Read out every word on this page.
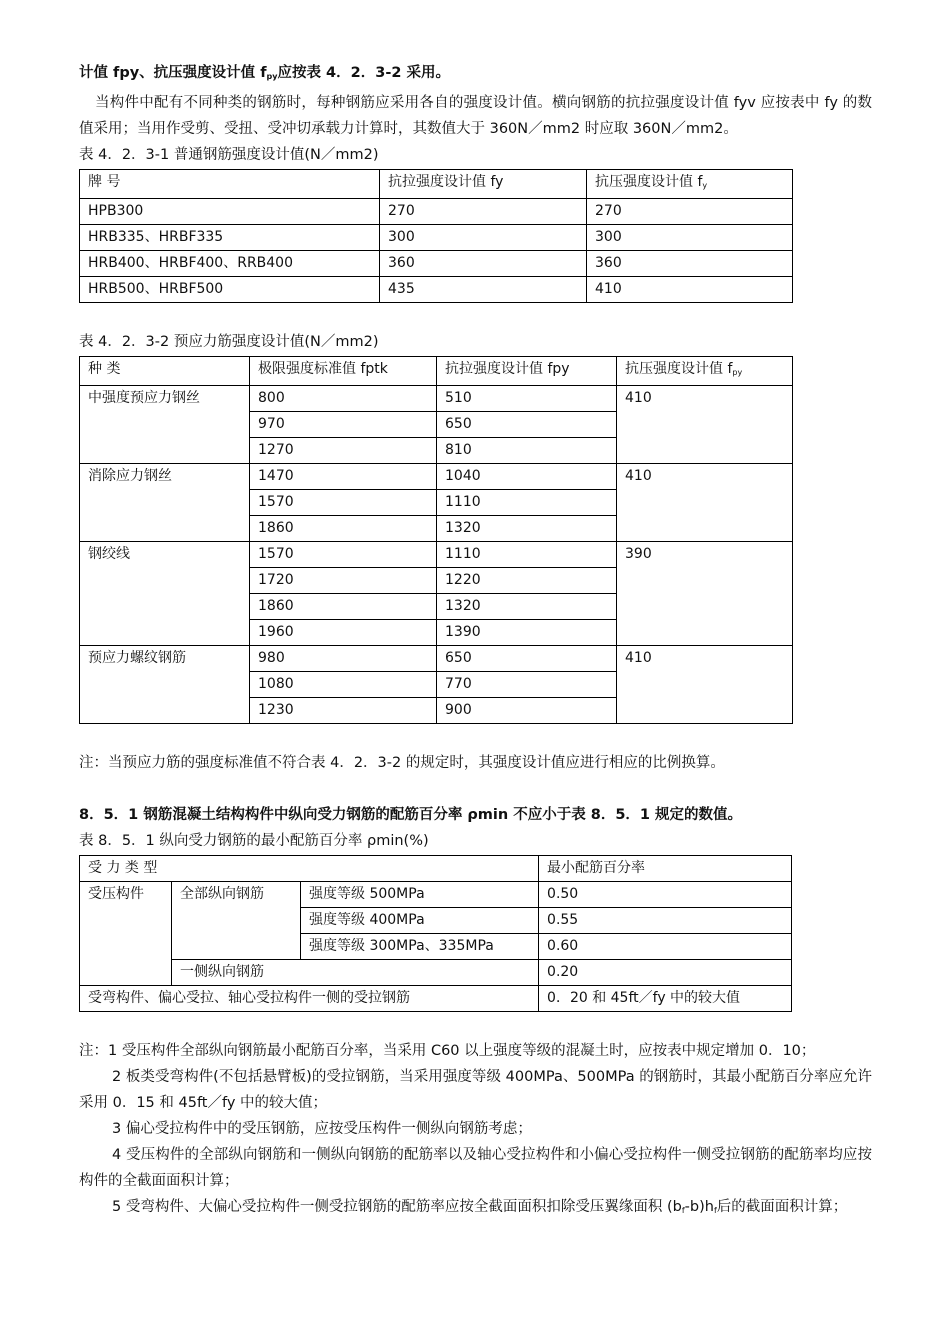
计值 fpy、抗压强度设计值 $f_{py}$应按表 4．2．3-2 采用。
当构件中配有不同种类的钢筋时，每种钢筋应采用各自的强度设计值。横向钢筋的抗拉强度设计值 fyv 应按表中 fy 的数值采用；当用作受剪、受扭、受冲切承载力计算时，其数值大于 360N／mm2 时应取 360N／mm2。
表 4．2．3-1 普通钢筋强度设计值(N／mm2)
牌 号	抗拉强度设计值 fy	抗压强度设计值 $f_y$
HPB300	270	270
HRB335、HRBF335	300	300
HRB400、HRBF400、RRB400	360	360
HRB500、HRBF500	435	410
表 4．2．3-2 预应力筋强度设计值(N／mm2)
种 类	极限强度标准值 fptk	抗拉强度设计值 fpy	抗压强度设计值 $f_{py}$
中强度预应力钢丝	800	510	410
	970	650	
	1270	810	
消除应力钢丝	1470	1040	410
	1570	1110	
	1860	1320	
钢绞线	1570	1110	390
	1720	1220	
	1860	1320	
	1960	1390	
预应力螺纹钢筋	980	650	410
	1080	770	
	1230	900	
注：当预应力筋的强度标准值不符合表 4．2．3-2 的规定时，其强度设计值应进行相应的比例换算。
8．5．1 钢筋混凝土结构构件中纵向受力钢筋的配筋百分率 ρmin 不应小于表 8．5．1 规定的数值。
表 8．5．1 纵向受力钢筋的最小配筋百分率 ρmin(%)
受 力 类 型			最小配筋百分率
受压构件	全部纵向钢筋	强度等级 500MPa	0.50
		强度等级 400MPa	0.55
		强度等级 300MPa、335MPa	0.60
	一侧纵向钢筋		0.20
受弯构件、偏心受拉、轴心受拉构件一侧的受拉钢筋			0．20 和 45ft／fy 中的较大值
注：1 受压构件全部纵向钢筋最小配筋百分率，当采用 C60 以上强度等级的混凝土时，应按表中规定增加 0．10；
2 板类受弯构件(不包括悬臂板)的受拉钢筋，当采用强度等级 400MPa、500MPa 的钢筋时，其最小配筋百分率应允许采用 0．15 和 45ft／fy 中的较大值；
3 偏心受拉构件中的受压钢筋，应按受压构件一侧纵向钢筋考虑；
4 受压构件的全部纵向钢筋和一侧纵向钢筋的配筋率以及轴心受拉构件和小偏心受拉构件一侧受拉钢筋的配筋率均应按构件的全截面面积计算；
5 受弯构件、大偏心受拉构件一侧受拉钢筋的配筋率应按全截面面积扣除受压翼缘面积 $(b_f-b)h_f$后的截面面积计算；
